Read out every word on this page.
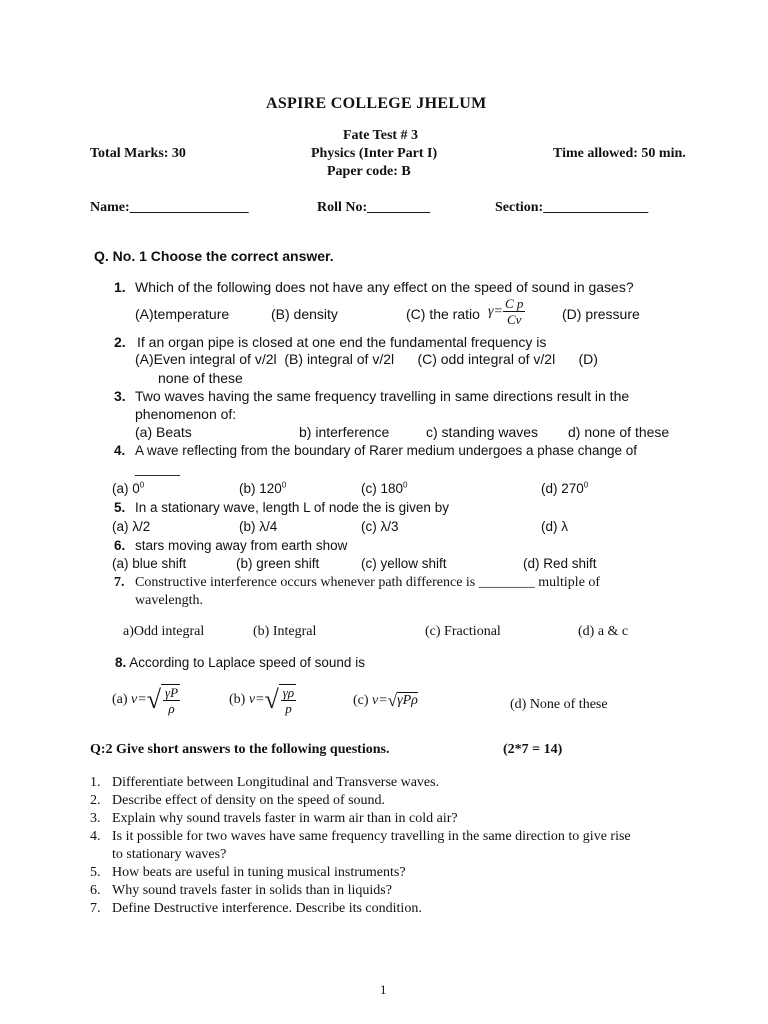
ASPIRE COLLEGE JHELUM
Fate Test # 3
Total Marks: 30	Physics (Inter Part I)	Time allowed: 50 min.
Paper code: B
Name:_________________	Roll No:_________	Section:_______________
Q. No. 1 Choose the correct answer.
1. Which of the following does not have any effect on the speed of sound in gases?
(A)temperature	(B) density	(C) the ratio $\gamma= \frac{\text{C p}}{Cv}$	(D) pressure
2. If an organ pipe is closed at one end the fundamental frequency is
(A)Even integral of v/2l  (B) integral of v/2l      (C) odd integral of v/2l      (D)
none of these
3. Two waves having the same frequency travelling in same directions result in the
phenomenon of:
(a) Beats	b) interference	c) standing waves d) none of these
4. A wave reflecting from the boundary of Rarer medium undergoes a phase change of
______
(a) $0^0$	(b) $120^0$	(c) $180^0$	(d) $270^0$
5. In a stationary wave, length L of node the is given by
(a) λ/2	(b) λ/4	(c) λ/3	(d) λ
6. stars moving away from earth show
(a) blue shift	(b) green shift	(c) yellow shift	(d) Red shift
7. Constructive interference occurs whenever path difference is ________ multiple of
wavelength.
a)Odd integral	(b) Integral	(c) Fractional	(d) a & c
8. According to Laplace speed of sound is
(a) $v=√ \frac{\gamma P}{\rho}$	(b) $v=√ \frac{\gamma\rho}{p}$	(c) v=√γPρ	(d) None of these
Q:2 Give short answers to the following questions.	(2*7 = 14)
1. Differentiate between Longitudinal and Transverse waves.
2. Describe effect of density on the speed of sound.
3. Explain why sound travels faster in warm air than in cold air?
4. Is it possible for two waves have same frequency travelling in the same direction to give rise
to stationary waves?
5. How beats are useful in tuning musical instruments?
6. Why sound travels faster in solids than in liquids?
7. Define Destructive interference. Describe its condition.
1
